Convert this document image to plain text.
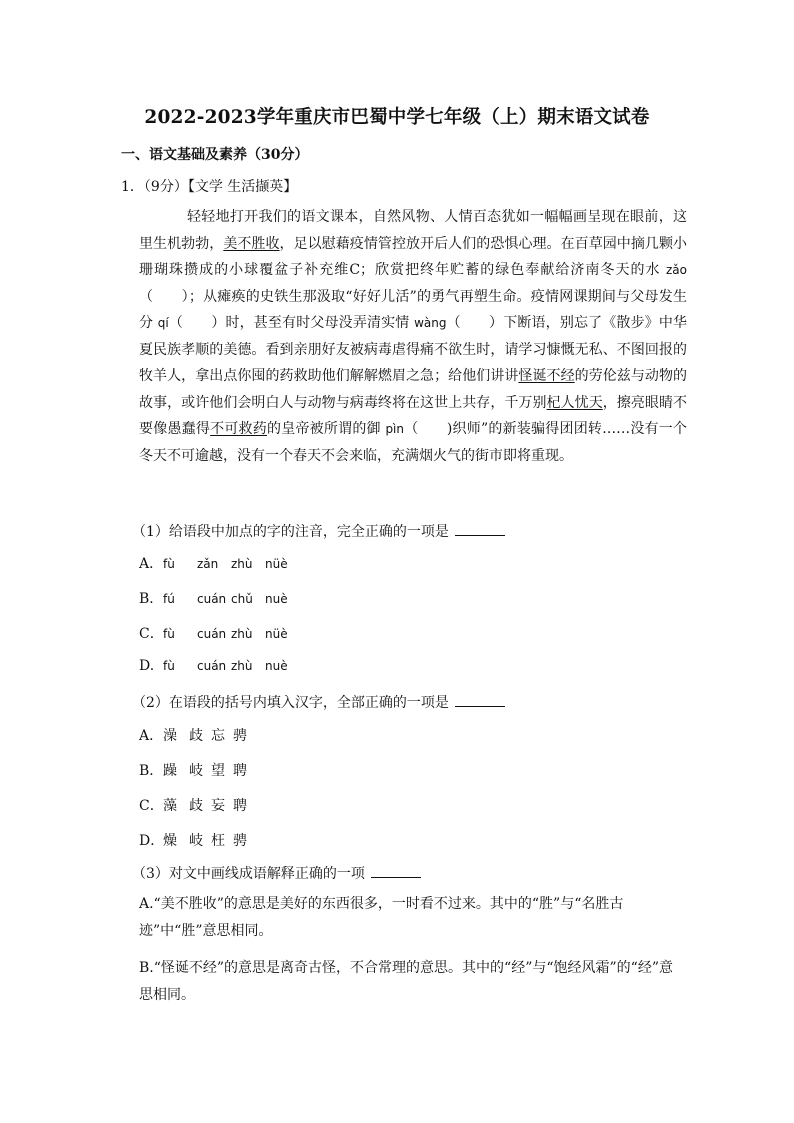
2022-2023学年重庆市巴蜀中学七年级（上）期末语文试卷
一、语文基础及素养（30分）
1．（9分）【文学 生活撷英】
轻轻地打开我们的语文课本，自然风物、人情百态犹如一幅幅画呈现在眼前，这里生机勃勃，美不胜收，足以慰藉疫情管控放开后人们的恐惧心理。在百草园中摘几颗小珊瑚珠攒成的小球覆盆子补充维C；欣赏把终年贮蓄的绿色奉献给济南冬天的水 zǎo（　　）；从瘫痪的史铁生那汲取“好好儿活”的勇气再塑生命。疫情网课期间与父母发生分 qí（　　）时，甚至有时父母没弄清实情 wàng（　　）下断语，别忘了《散步》中华夏民族孝顺的美德。看到亲朋好友被病毒虐得痛不欲生时，请学习慷慨无私、不图回报的牧羊人，拿出点你囤的药救助他们解解燃眉之急；给他们讲讲怪诞不经的劳伦兹与动物的故事，或许他们会明白人与动物与病毒终将在这世上共存，千万别杞人忧天，擦亮眼睛不要像愚蠢得不可救药的皇帝被所谓的御 pìn（　　)织师”的新装骗得团团转……没有一个冬天不可逾越，没有一个春天不会来临，充满烟火气的街市即将重现。
（1）给语段中加点的字的注音，完全正确的一项是
A．fù zǎn zhù nüè
B．fú cuán chǔ nuè
C．fù cuán zhù nüè
D. fù cuán zhù nuè
（2）在语段的括号内填入汉字，全部正确的一项是
A．澡 歧 忘 骋
B．躁 岐 望 聘
C．藻 歧 妄 聘
D．燥 岐 枉 骋
（3）对文中画线成语解释正确的一项
A.“美不胜收”的意思是美好的东西很多，一时看不过来。其中的“胜”与“名胜古迹”中“胜”意思相同。
B.“怪诞不经”的意思是离奇古怪，不合常理的意思。其中的“经”与“饱经风霜”的“经”意思相同。
